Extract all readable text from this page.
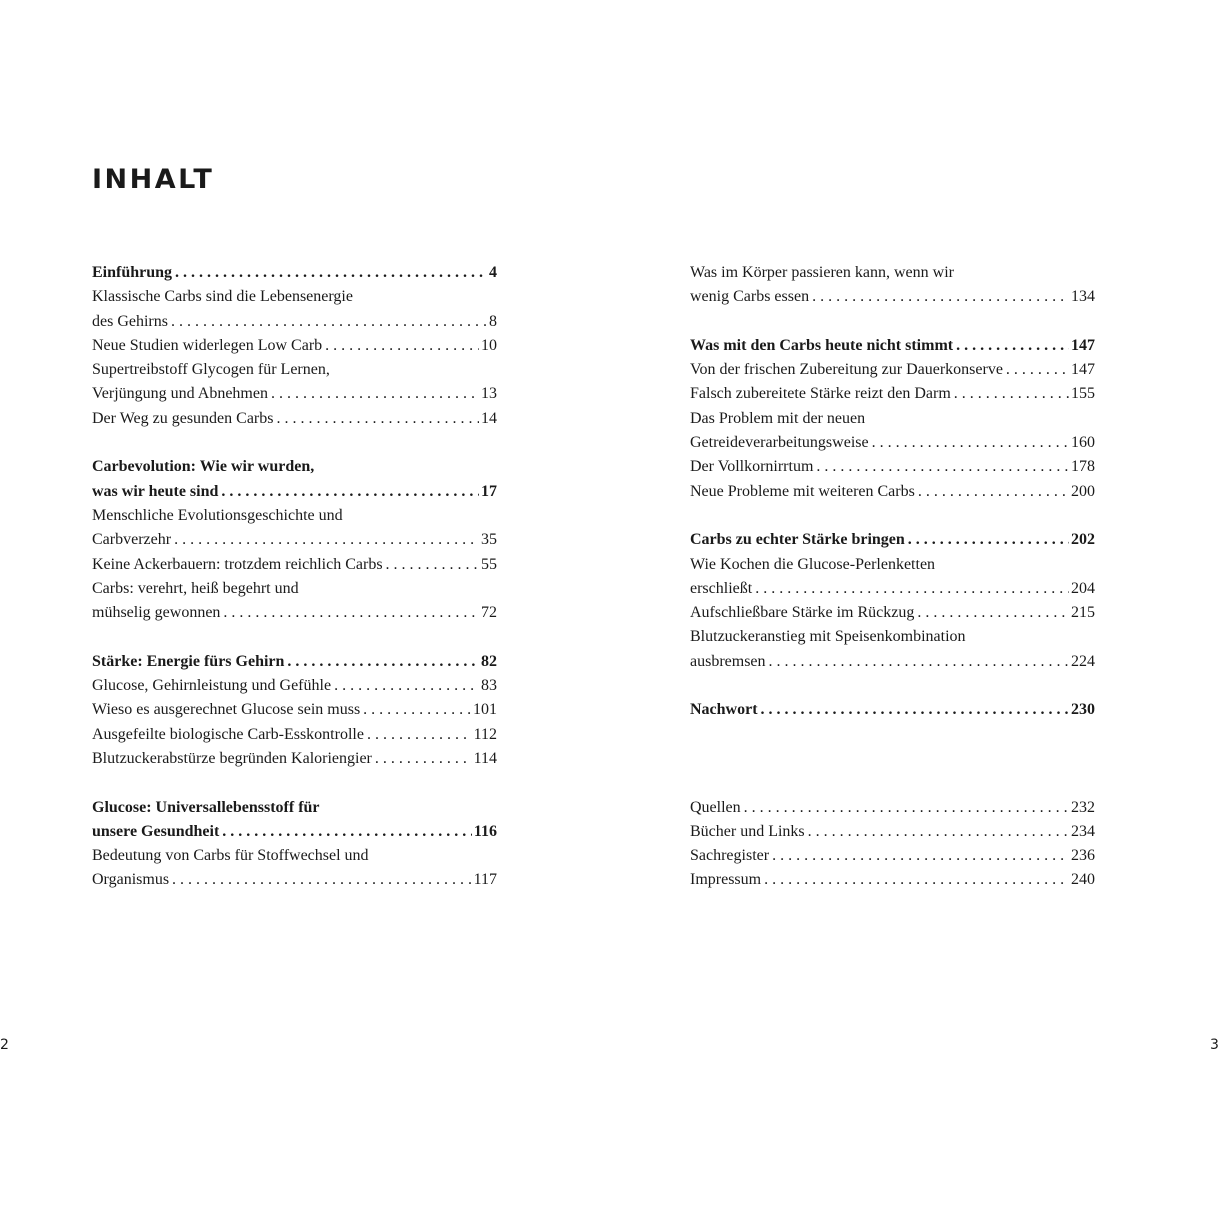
INHALT
Einführung . . .	4
Klassische Carbs sind die Lebensenergie
des Gehirns . . .	8
Neue Studien widerlegen Low Carb . . .	10
Supertreibstoff Glycogen für Lernen,
Verjüngung und Abnehmen . . .	13
Der Weg zu gesunden Carbs . . .	14
Carbevolution: Wie wir wurden,
was wir heute sind . . .	17
Menschliche Evolutionsgeschichte und
Carbverzehr . . .	35
Keine Ackerbauern: trotzdem reichlich Carbs . . .	55
Carbs: verehrt, heiß begehrt und
mühselig gewonnen . . .	72
Stärke: Energie fürs Gehirn . . .	82
Glucose, Gehirnleistung und Gefühle . . .	83
Wieso es ausgerechnet Glucose sein muss . . .	101
Ausgefeilte biologische Carb-Esskontrolle . . .	112
Blutzuckerabstürze begründen Kaloriengier . . .	114
Glucose: Universallebensstoff für
unsere Gesundheit . . .	116
Bedeutung von Carbs für Stoffwechsel und
Organismus . . .	117
Was im Körper passieren kann, wenn wir
wenig Carbs essen . . .	134
Was mit den Carbs heute nicht stimmt . . .	147
Von der frischen Zubereitung zur Dauerkonserve . . .	147
Falsch zubereitete Stärke reizt den Darm . . .	155
Das Problem mit der neuen
Getreideverarbeitungsweise . . .	160
Der Vollkornirrtum . . .	178
Neue Probleme mit weiteren Carbs . . .	200
Carbs zu echter Stärke bringen . . .	202
Wie Kochen die Glucose-Perlenketten
erschließt . . .	204
Aufschließbare Stärke im Rückzug . . .	215
Blutzuckeranstieg mit Speisenkombination
ausbremsen . . .	224
Nachwort . . .	230
Quellen . . .	232
Bücher und Links . . .	234
Sachregister . . .	236
Impressum . . .	240
2	3
